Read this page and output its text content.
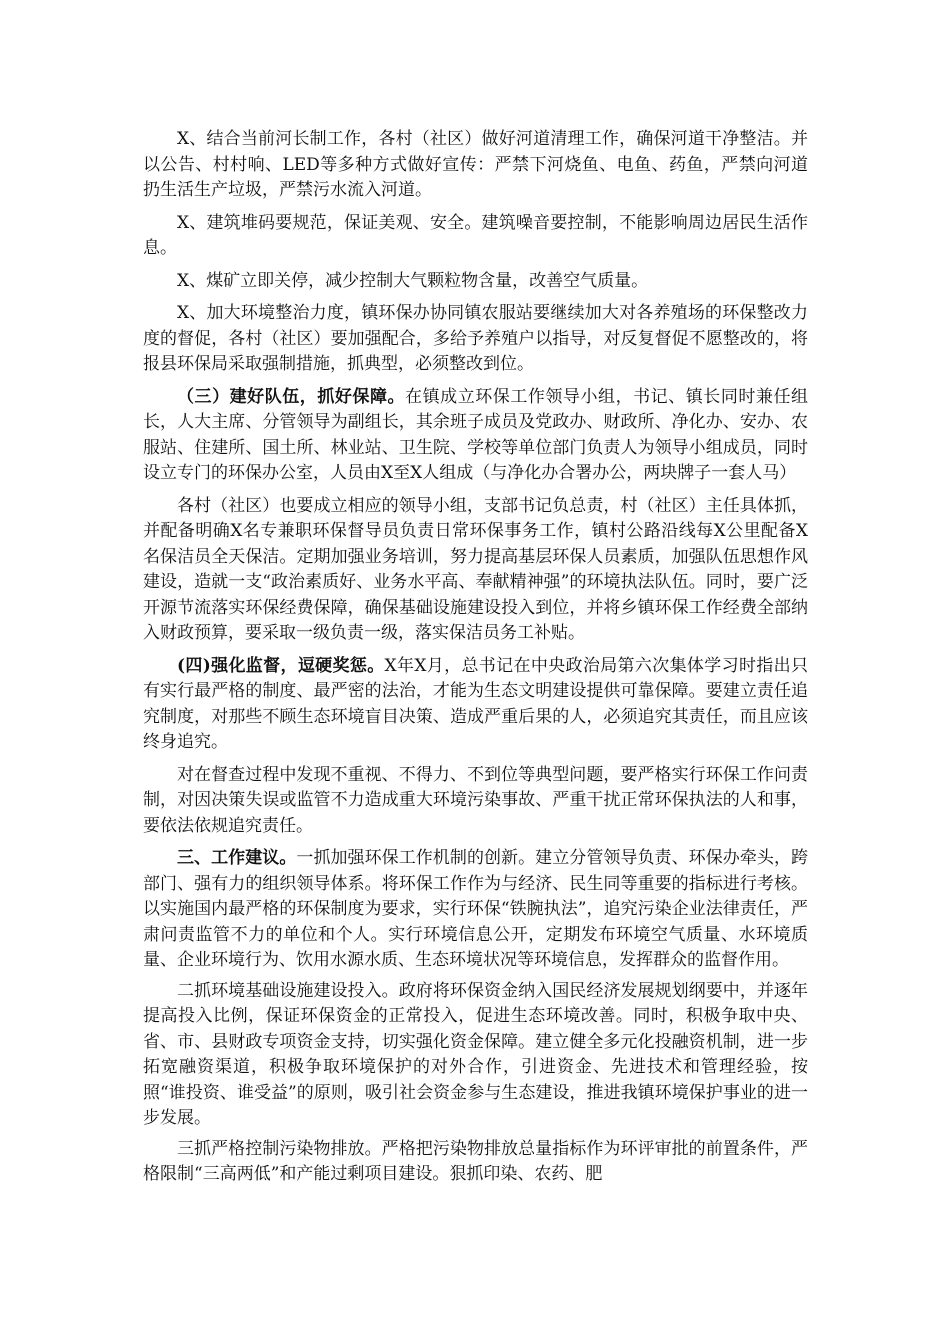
X、结合当前河长制工作，各村（社区）做好河道清理工作，确保河道干净整洁。并以公告、村村响、LED等多种方式做好宣传：严禁下河烧鱼、电鱼、药鱼，严禁向河道扔生活生产垃圾，严禁污水流入河道。

X、建筑堆码要规范，保证美观、安全。建筑噪音要控制，不能影响周边居民生活作息。

X、煤矿立即关停，减少控制大气颗粒物含量，改善空气质量。

X、加大环境整治力度，镇环保办协同镇农服站要继续加大对各养殖场的环保整改力度的督促，各村（社区）要加强配合，多给予养殖户以指导，对反复督促不愿整改的，将报县环保局采取强制措施，抓典型，必须整改到位。

（三）建好队伍，抓好保障。在镇成立环保工作领导小组，书记、镇长同时兼任组长，人大主席、分管领导为副组长，其余班子成员及党政办、财政所、净化办、安办、农服站、住建所、国土所、林业站、卫生院、学校等单位部门负责人为领导小组成员，同时设立专门的环保办公室，人员由X至X人组成（与净化办合署办公，两块牌子一套人马）

各村（社区）也要成立相应的领导小组，支部书记负总责，村（社区）主任具体抓，并配备明确X名专兼职环保督导员负责日常环保事务工作，镇村公路沿线每X公里配备X名保洁员全天保洁。定期加强业务培训，努力提高基层环保人员素质，加强队伍思想作风建设，造就一支“政治素质好、业务水平高、奉献精神强”的环境执法队伍。同时，要广泛开源节流落实环保经费保障，确保基础设施建设投入到位，并将乡镇环保工作经费全部纳入财政预算，要采取一级负责一级，落实保洁员务工补贴。

(四)强化监督，逗硬奖惩。X年X月，总书记在中央政治局第六次集体学习时指出只有实行最严格的制度、最严密的法治，才能为生态文明建设提供可靠保障。要建立责任追究制度，对那些不顾生态环境盲目决策、造成严重后果的人，必须追究其责任，而且应该终身追究。

对在督查过程中发现不重视、不得力、不到位等典型问题，要严格实行环保工作问责制，对因决策失误或监管不力造成重大环境污染事故、严重干扰正常环保执法的人和事，要依法依规追究责任。

三、工作建议。一抓加强环保工作机制的创新。建立分管领导负责、环保办牵头，跨部门、强有力的组织领导体系。将环保工作作为与经济、民生同等重要的指标进行考核。以实施国内最严格的环保制度为要求，实行环保“铁腕执法”，追究污染企业法律责任，严肃问责监管不力的单位和个人。实行环境信息公开，定期发布环境空气质量、水环境质量、企业环境行为、饮用水源水质、生态环境状况等环境信息，发挥群众的监督作用。

二抓环境基础设施建设投入。政府将环保资金纳入国民经济发展规划纲要中，并逐年提高投入比例，保证环保资金的正常投入，促进生态环境改善。同时，积极争取中央、省、市、县财政专项资金支持，切实强化资金保障。建立健全多元化投融资机制，进一步拓宽融资渠道，积极争取环境保护的对外合作，引进资金、先进技术和管理经验，按照“谁投资、谁受益”的原则，吸引社会资金参与生态建设，推进我镇环境保护事业的进一步发展。

三抓严格控制污染物排放。严格把污染物排放总量指标作为环评审批的前置条件，严格限制“三高两低”和产能过剩项目建设。狠抓印染、农药、肥
